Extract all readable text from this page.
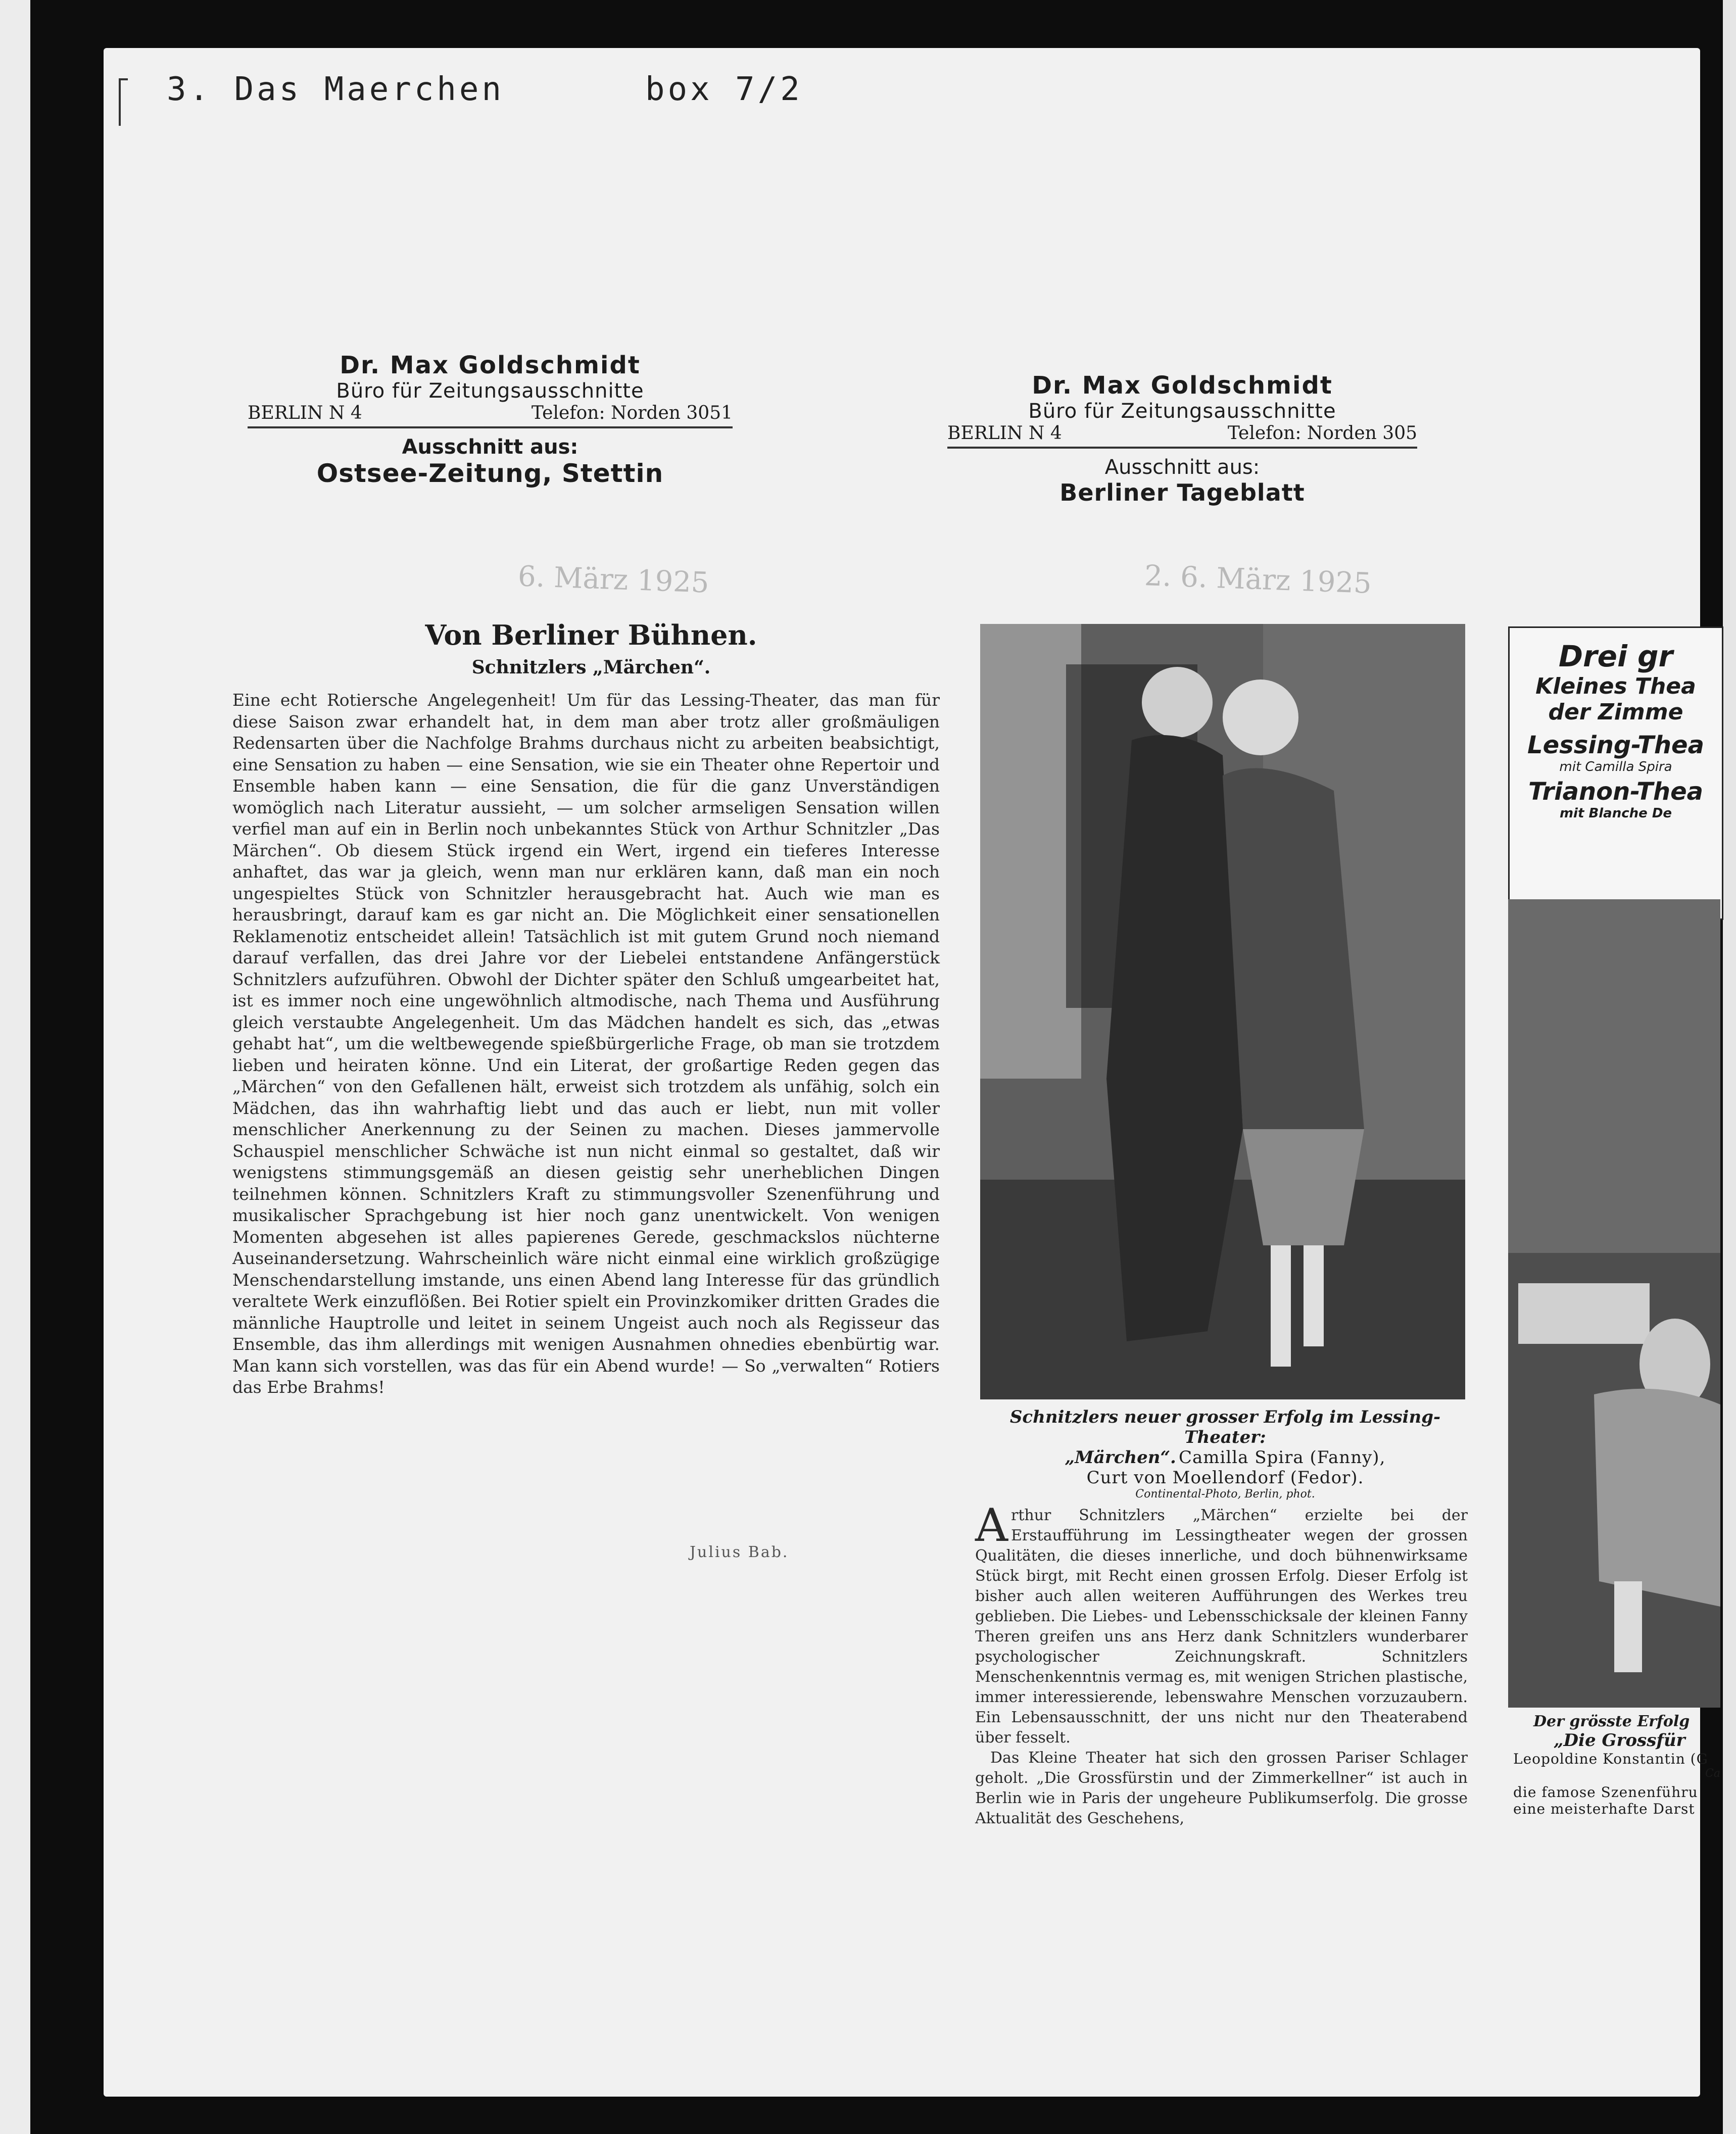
3. Das Maerchen	box 7/2
Dr. Max Goldschmidt
Büro für Zeitungsausschnitte
BERLIN N 4	Telefon: Norden 3051
Ausschnitt aus:
Ostsee-Zeitung, Stettin
6. März 1925
Von Berliner Bühnen.
Schnitzlers „Märchen“.
Eine echt Rotiersche Angelegenheit! Um für das Lessing-Theater, das man für diese Saison zwar erhandelt hat, in dem man aber trotz aller großmäuligen Redensarten über die Nachfolge Brahms durchaus nicht zu arbeiten beabsichtigt, eine Sensation zu haben — eine Sensation, wie sie ein Theater ohne Repertoir und Ensemble haben kann — eine Sensation, die für die ganz Unverständigen womöglich nach Literatur aussieht, — um solcher armseligen Sensation willen verfiel man auf ein in Berlin noch unbekanntes Stück von Arthur Schnitzler „Das Märchen“. Ob diesem Stück irgend ein Wert, irgend ein tieferes Interesse anhaftet, das war ja gleich, wenn man nur erklären kann, daß man ein noch ungespieltes Stück von Schnitzler herausgebracht hat. Auch wie man es herausbringt, darauf kam es gar nicht an. Die Möglichkeit einer sensationellen Reklamenotiz entscheidet allein! Tatsächlich ist mit gutem Grund noch niemand darauf verfallen, das drei Jahre vor der Liebelei entstandene Anfängerstück Schnitzlers aufzuführen. Obwohl der Dichter später den Schluß umgearbeitet hat, ist es immer noch eine ungewöhnlich altmodische, nach Thema und Ausführung gleich verstaubte Angelegenheit. Um das Mädchen handelt es sich, das „etwas gehabt hat“, um die weltbewegende spießbürgerliche Frage, ob man sie trotzdem lieben und heiraten könne. Und ein Literat, der großartige Reden gegen das „Märchen“ von den Gefallenen hält, erweist sich trotzdem als unfähig, solch ein Mädchen, das ihn wahrhaftig liebt und das auch er liebt, nun mit voller menschlicher Anerkennung zu der Seinen zu machen. Dieses jammervolle Schauspiel menschlicher Schwäche ist nun nicht einmal so gestaltet, daß wir wenigstens stimmungsgemäß an diesen geistig sehr unerheblichen Dingen teilnehmen können. Schnitzlers Kraft zu stimmungsvoller Szenenführung und musikalischer Sprachgebung ist hier noch ganz unentwickelt. Von wenigen Momenten abgesehen ist alles papierenes Gerede, geschmackslos nüchterne Auseinandersetzung. Wahrscheinlich wäre nicht einmal eine wirklich großzügige Menschendarstellung imstande, uns einen Abend lang Interesse für das gründlich veraltete Werk einzuflößen. Bei Rotier spielt ein Provinzkomiker dritten Grades die männliche Hauptrolle und leitet in seinem Ungeist auch noch als Regisseur das Ensemble, das ihm allerdings mit wenigen Ausnahmen ohnedies ebenbürtig war. Man kann sich vorstellen, was das für ein Abend wurde! — So „verwalten“ Rotiers das Erbe Brahms!
Julius Bab.
Dr. Max Goldschmidt
Büro für Zeitungsausschnitte
BERLIN N 4	Telefon: Norden 305
Ausschnitt aus:
Berliner Tageblatt
2. 6. März 1925
Schnitzlers neuer grosser Erfolg im Lessing-Theater:
„Märchen“. Camilla Spira (Fanny),
Curt von Moellendorf (Fedor).
Continental-Photo, Berlin, phot.
A rthur Schnitzlers „Märchen“ erzielte bei der Erstaufführung im Lessingtheater wegen der grossen Qualitäten, die dieses innerliche, und doch bühnenwirksame Stück birgt, mit Recht einen grossen Erfolg. Dieser Erfolg ist bisher auch allen weiteren Aufführungen des Werkes treu geblieben. Die Liebes- und Lebensschicksale der kleinen Fanny Theren greifen uns ans Herz dank Schnitzlers wunderbarer psychologischer Zeichnungskraft. Schnitzlers Menschenkenntnis vermag es, mit wenigen Strichen plastische, immer interessierende, lebenswahre Menschen vorzuzaubern. Ein Lebensausschnitt, der uns nicht nur den Theaterabend über fesselt.
Das Kleine Theater hat sich den grossen Pariser Schlager geholt. „Die Grossfürstin und der Zimmerkellner“ ist auch in Berlin wie in Paris der ungeheure Publikumserfolg. Die grosse Aktualität des Geschehens,
Drei gr
Kleines Thea
der Zimme
Lessing-Thea
mit Camilla Spira
Trianon-Thea
mit Blanche De
Der grösste Erfolg
„Die Grossfür
Leopoldine Konstantin (G
Ca
die famose Szenenführu
eine meisterhafte Darst
